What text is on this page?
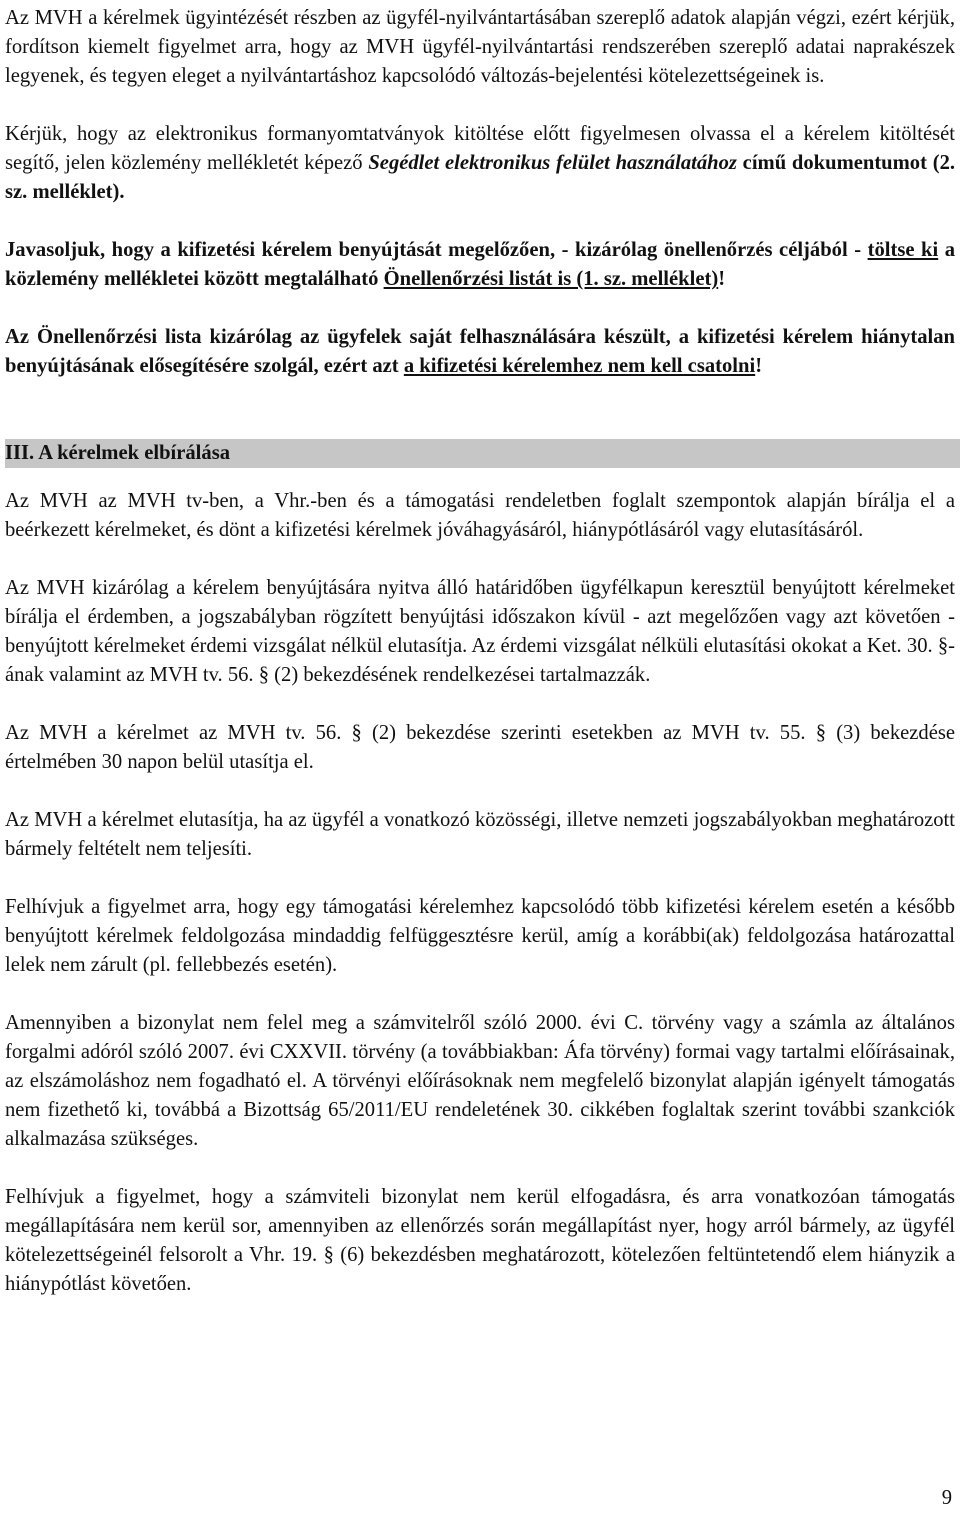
Az MVH a kérelmek ügyintézését részben az ügyfél-nyilvántartásában szereplő adatok alapján végzi, ezért kérjük, fordítson kiemelt figyelmet arra, hogy az MVH ügyfél-nyilvántartási rendszerében szereplő adatai naprakészek legyenek, és tegyen eleget a nyilvántartáshoz kapcsolódó változás-bejelentési kötelezettségeinek is.

Kérjük, hogy az elektronikus formanyomtatványok kitöltése előtt figyelmesen olvassa el a kérelem kitöltését segítő, jelen közlemény mellékletét képező Segédlet elektronikus felület használatához című dokumentumot (2. sz. melléklet).

Javasoljuk, hogy a kifizetési kérelem benyújtását megelőzően, - kizárólag önellenőrzés céljából - töltse ki a közlemény mellékletei között megtalálható Önellenőrzési listát is (1. sz. melléklet)!

Az Önellenőrzési lista kizárólag az ügyfelek saját felhasználására készült, a kifizetési kérelem hiánytalan benyújtásának elősegítésére szolgál, ezért azt a kifizetési kérelemhez nem kell csatolni!

III. A kérelmek elbírálása

Az MVH az MVH tv-ben, a Vhr.-ben és a támogatási rendeletben foglalt szempontok alapján bírálja el a beérkezett kérelmeket, és dönt a kifizetési kérelmek jóváhagyásáról, hiánypótlásáról vagy elutasításáról.

Az MVH kizárólag a kérelem benyújtására nyitva álló határidőben ügyfélkapun keresztül benyújtott kérelmeket bírálja el érdemben, a jogszabályban rögzített benyújtási időszakon kívül - azt megelőzően vagy azt követően - benyújtott kérelmeket érdemi vizsgálat nélkül elutasítja. Az érdemi vizsgálat nélküli elutasítási okokat a Ket. 30. §-ának valamint az MVH tv. 56. § (2) bekezdésének rendelkezései tartalmazzák.

Az MVH a kérelmet az MVH tv. 56. § (2) bekezdése szerinti esetekben az MVH tv. 55. § (3) bekezdése értelmében 30 napon belül utasítja el.

Az MVH a kérelmet elutasítja, ha az ügyfél a vonatkozó közösségi, illetve nemzeti jogszabályokban meghatározott bármely feltételt nem teljesíti.

Felhívjuk a figyelmet arra, hogy egy támogatási kérelemhez kapcsolódó több kifizetési kérelem esetén a később benyújtott kérelmek feldolgozása mindaddig felfüggesztésre kerül, amíg a korábbi(ak) feldolgozása határozattal lelek nem zárult (pl. fellebbezés esetén).

Amennyiben a bizonylat nem felel meg a számvitelről szóló 2000. évi C. törvény vagy a számla az általános forgalmi adóról szóló 2007. évi CXXVII. törvény (a továbbiakban: Áfa törvény) formai vagy tartalmi előírásainak, az elszámoláshoz nem fogadható el. A törvényi előírásoknak nem megfelelő bizonylat alapján igényelt támogatás nem fizethető ki, továbbá a Bizottság 65/2011/EU rendeletének 30. cikkében foglaltak szerint további szankciók alkalmazása szükséges.

Felhívjuk a figyelmet, hogy a számviteli bizonylat nem kerül elfogadásra, és arra vonatkozóan támogatás megállapítására nem kerül sor, amennyiben az ellenőrzés során megállapítást nyer, hogy arról bármely, az ügyfél kötelezettségeinél felsorolt a Vhr. 19. § (6) bekezdésben meghatározott, kötelezően feltüntetendő elem hiányzik a hiánypótlást követően.

9
